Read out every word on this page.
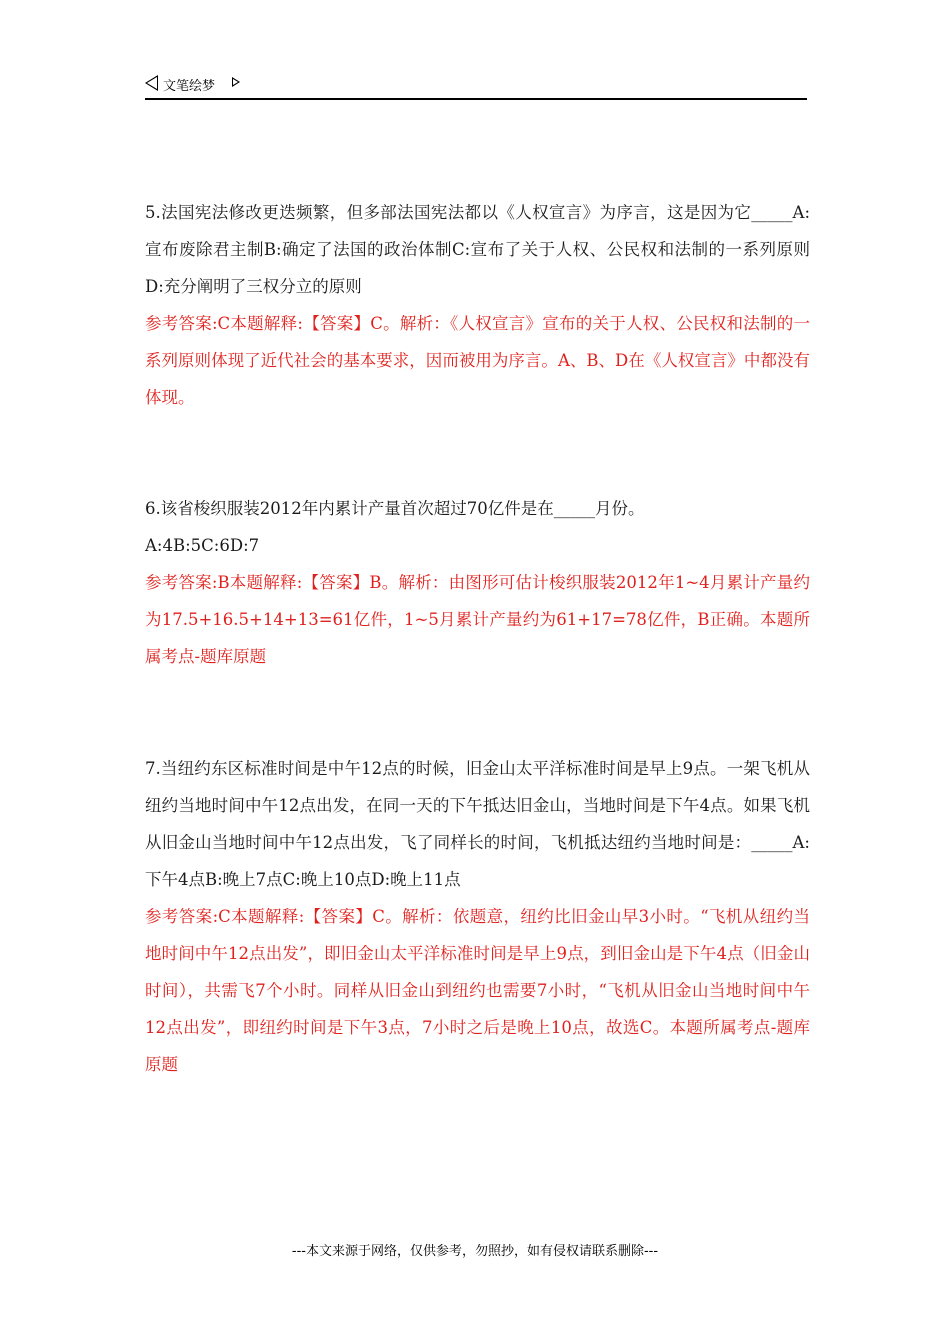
文笔绘梦
5.法国宪法修改更迭频繁，但多部法国宪法都以《人权宣言》为序言，这是因为它_____A:宣布废除君主制B:确定了法国的政治体制C:宣布了关于人权、公民权和法制的一系列原则D:充分阐明了三权分立的原则
参考答案:C本题解释:【答案】C。解析：《人权宣言》宣布的关于人权、公民权和法制的一系列原则体现了近代社会的基本要求，因而被用为序言。A、B、D在《人权宣言》中都没有体现。
6.该省梭织服装2012年内累计产量首次超过70亿件是在_____月份。
A:4B:5C:6D:7
参考答案:B本题解释:【答案】B。解析：由图形可估计梭织服装2012年1~4月累计产量约为17.5+16.5+14+13=61亿件，1~5月累计产量约为61+17=78亿件，B正确。本题所属考点-题库原题
7.当纽约东区标准时间是中午12点的时候，旧金山太平洋标准时间是早上9点。一架飞机从纽约当地时间中午12点出发，在同一天的下午抵达旧金山，当地时间是下午4点。如果飞机从旧金山当地时间中午12点出发，飞了同样长的时间，飞机抵达纽约当地时间是：_____A:下午4点B:晚上7点C:晚上10点D:晚上11点
参考答案:C本题解释:【答案】C。解析：依题意，纽约比旧金山早3小时。“飞机从纽约当地时间中午12点出发”，即旧金山太平洋标准时间是早上9点，到旧金山是下午4点（旧金山时间），共需飞7个小时。同样从旧金山到纽约也需要7小时，“飞机从旧金山当地时间中午12点出发”，即纽约时间是下午3点，7小时之后是晚上10点，故选C。本题所属考点-题库原题
---本文来源于网络，仅供参考，勿照抄，如有侵权请联系删除---
